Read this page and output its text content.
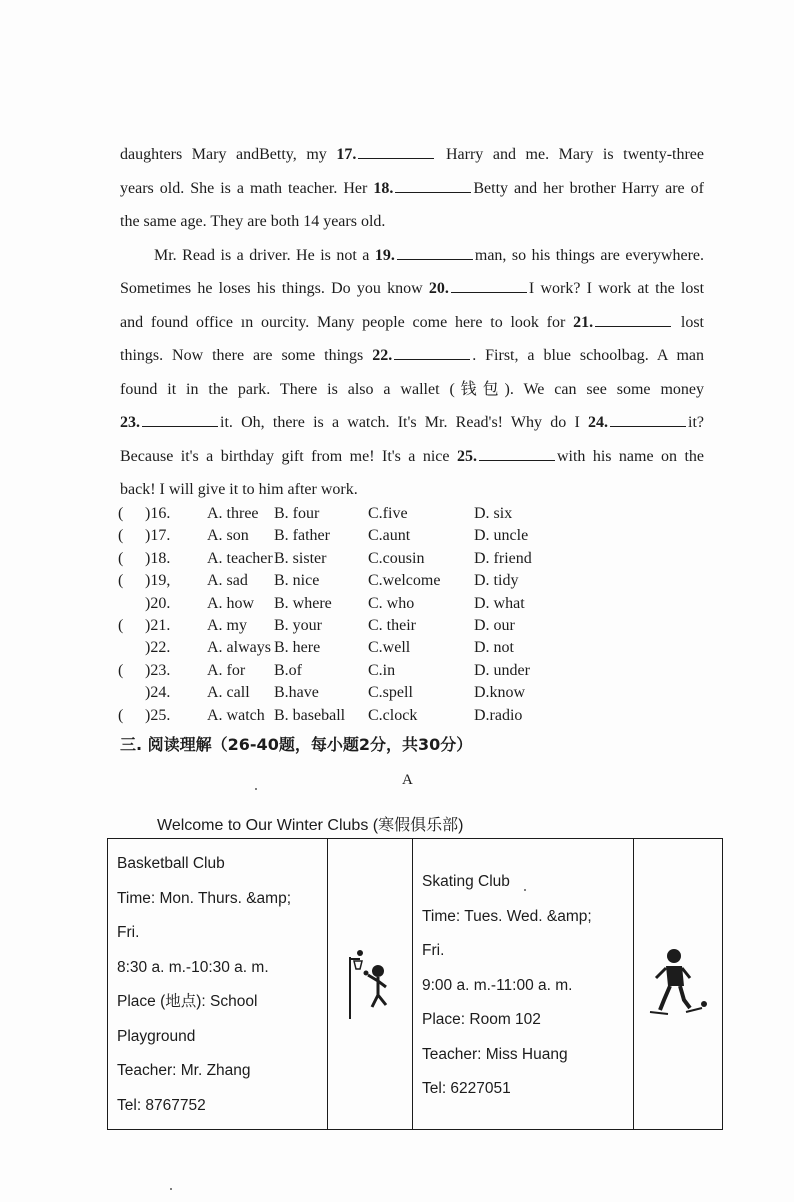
daughters Mary andBetty, my 17.	Harry and me. Mary is twenty-three
years old. She is a math teacher. Her 18.	Betty and her brother Harry are of
the same age. They are both 14 years old.
Mr. Read is a driver. He is not a 19.	man, so his things are everywhere.
Sometimes he loses his things. Do you know 20.	I work? I work at the lost
and found office ın ourcity. Many people come here to look for 21.	lost
things. Now there are some things 22.	. First, a blue schoolbag. A man
found it in the park. There is also a wallet (钱包). We can see some money
23.	it. Oh, there is a watch. It's Mr. Read's! Why do I 24.	it?
Because it's a birthday gift from me! It's a nice 25.	with his name on the
back! I will give it to him after work.
( )16. A. three B. four	C.five	D. six
( )17. A. son B. father C.aunt	D. uncle
( )18. A. teacher B. sister	C.cousin	D. friend
( )19, A. sad B. nice	C.welcome D. tidy
)20. A. how B. where C. who	D. what
( )21. A. my B. your	C. their	D. our
)22. A. always B. here	C.well	D. not
( )23. A. for B.of	C.in	D. under
)24. A. call B.have	C.spell	D.know
( )25. A. watch B. baseball C.clock	D.radio
三. 阅读理解（26-40题，每小题2分，共30分）
A
Welcome to Our Winter Clubs (寒假俱乐部)
Basketball Club
Time: Mon. Thurs. &amp;
Fri.
8:30 a. m.-10:30 a. m.
Place (地点): School
Playground
Teacher: Mr. Zhang
Tel: 8767752

Skating Club
Time: Tues. Wed. &amp;
Fri.
9:00 a. m.-11:00 a. m.
Place: Room 102
Teacher: Miss Huang
Tel: 6227051
